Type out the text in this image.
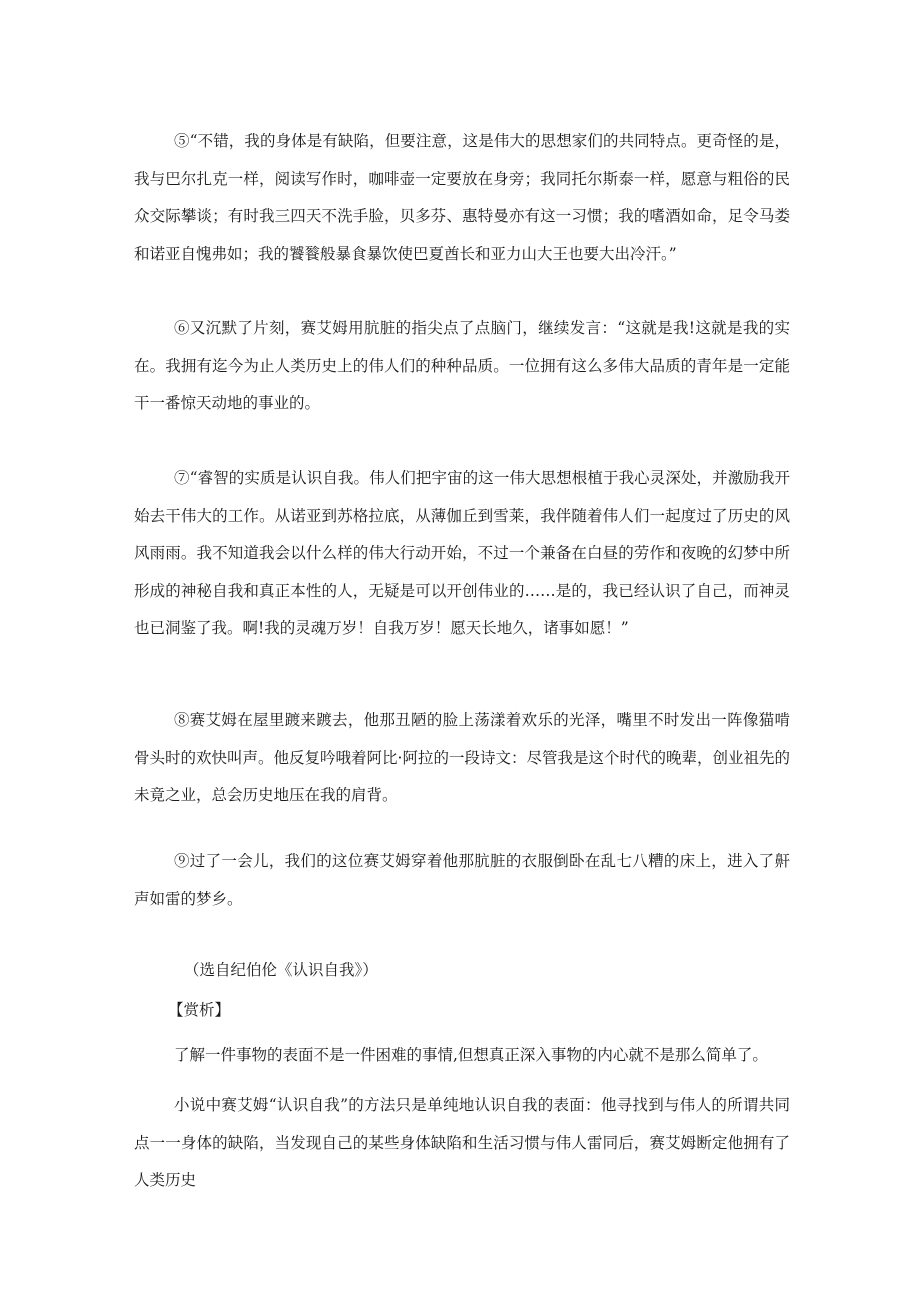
⑤“不错，我的身体是有缺陷，但要注意，这是伟大的思想家们的共同特点。更奇怪的是，我与巴尔扎克一样，阅读写作时，咖啡壶一定要放在身旁；我同托尔斯泰一样，愿意与粗俗的民众交际攀谈；有时我三四天不洗手脸，贝多芬、惠特曼亦有这一习惯；我的嗜酒如命，足令马娄和诺亚自愧弗如；我的饕餮般暴食暴饮使巴夏酋长和亚力山大王也要大出冷汗。”

⑥又沉默了片刻，赛艾姆用肮脏的指尖点了点脑门，继续发言：“这就是我!这就是我的实在。我拥有迄今为止人类历史上的伟人们的种种品质。一位拥有这么多伟大品质的青年是一定能干一番惊天动地的事业的。

⑦“睿智的实质是认识自我。伟人们把宇宙的这一伟大思想根植于我心灵深处，并激励我开始去干伟大的工作。从诺亚到苏格拉底，从薄伽丘到雪莱，我伴随着伟人们一起度过了历史的风风雨雨。我不知道我会以什么样的伟大行动开始，不过一个兼备在白昼的劳作和夜晚的幻梦中所形成的神秘自我和真正本性的人，无疑是可以开创伟业的……是的，我已经认识了自己，而神灵也已洞鉴了我。啊!我的灵魂万岁！自我万岁！愿天长地久，诸事如愿！”

⑧赛艾姆在屋里踱来踱去，他那丑陋的脸上荡漾着欢乐的光泽，嘴里不时发出一阵像猫啃骨头时的欢快叫声。他反复吟哦着阿比·阿拉的一段诗文：尽管我是这个时代的晚辈，创业祖先的未竟之业，总会历史地压在我的肩背。

⑨过了一会儿，我们的这位赛艾姆穿着他那肮脏的衣服倒卧在乱七八糟的床上，进入了鼾声如雷的梦乡。

（选自纪伯伦《认识自我》）

【赏析】

了解一件事物的表面不是一件困难的事情,但想真正深入事物的内心就不是那么简单了。

小说中赛艾姆“认识自我”的方法只是单纯地认识自我的表面：他寻找到与伟人的所谓共同点一一身体的缺陷，当发现自己的某些身体缺陷和生活习惯与伟人雷同后，赛艾姆断定他拥有了人类历史
